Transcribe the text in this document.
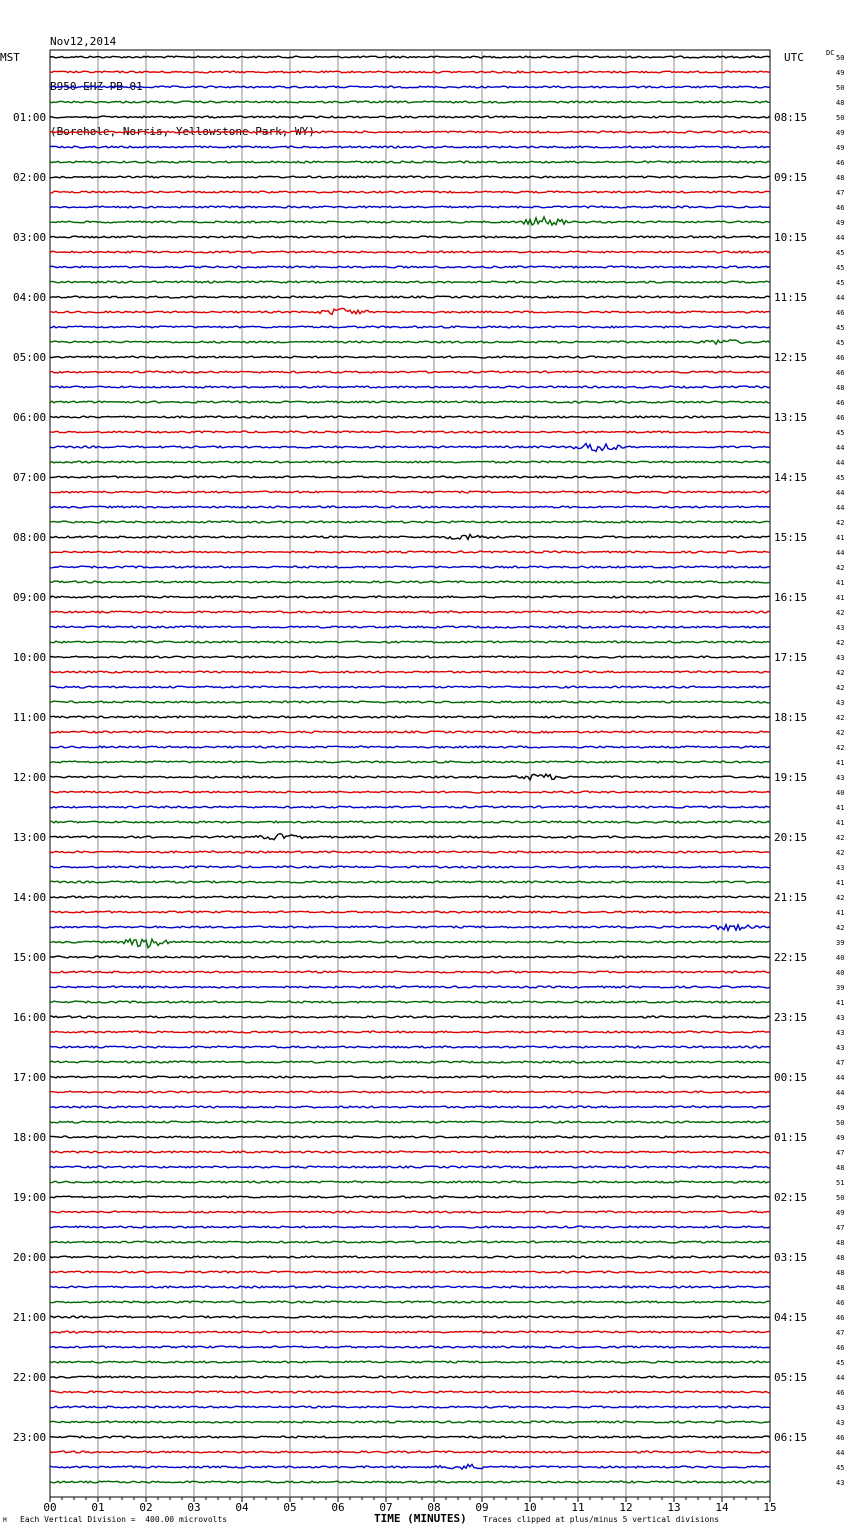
Nov12,2014

B950 EHZ PB 01

(Borehole, Norris, Yellowstone Park, WY)

50
49
50
48
50
49
49
46
48
47
46
49
44
45
45
45
44
46
45
45
46
46
48
46
46
45
44
44
45
44
44
42
41
44
42
41
41
42
43
42
43
42
42
43
42
42
42
41
43
40
41
41
42
42
43
41
42
41
42
39
40
40
39
41
43
43
43
47
44
44
49
50
49
47
48
51
50
49
47
48
48
48
48
46
46
47
46
45
44
46
43
43
46
44
45
43
MST	UTC	DC
01:00	08:15
02:00	09:15
03:00	10:15
04:00	11:15
05:00	12:15
06:00	13:15
07:00	14:15
08:00	15:15
09:00	16:15
10:00	17:15
11:00	18:15
12:00	19:15
13:00	20:15
14:00	21:15
15:00	22:15
16:00	23:15
17:00	00:15
18:00	01:15
19:00	02:15
20:00	03:15
21:00	04:15
22:00	05:15
23:00	06:15
00	01	02	03	04	05	06	07	08	09	10	11	12	13	14	15
M Each Vertical Division =  400.00 microvolts	TIME (MINUTES) Traces clipped at plus/minus 5 vertical divisions
